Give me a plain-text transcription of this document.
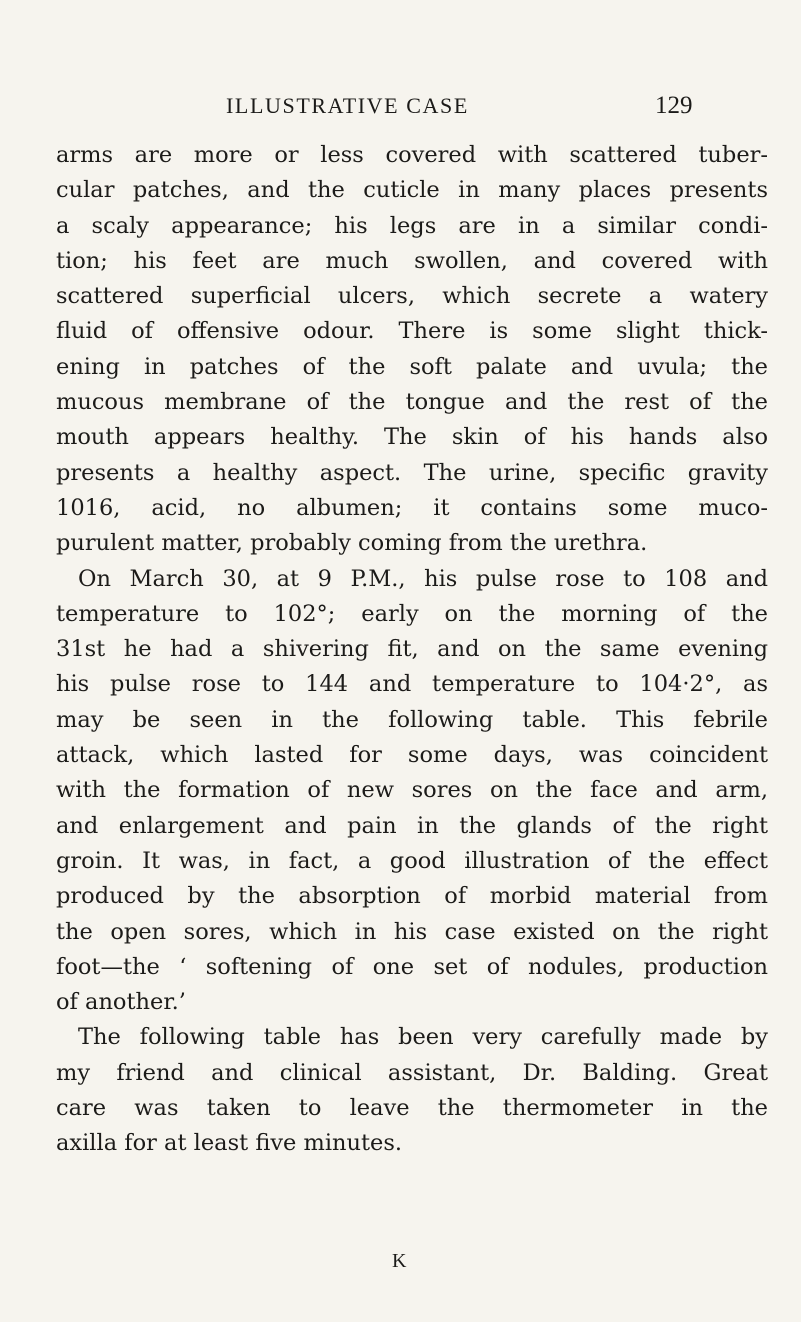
ILLUSTRATIVE CASE	129
arms are more or less covered with scattered tuber-
cular patches, and the cuticle in many places presents
a scaly appearance; his legs are in a similar condi-
tion; his feet are much swollen, and covered with
scattered superficial ulcers, which secrete a watery
fluid of offensive odour. There is some slight thick-
ening in patches of the soft palate and uvula; the
mucous membrane of the tongue and the rest of the
mouth appears healthy. The skin of his hands also
presents a healthy aspect. The urine, specific gravity
1016, acid, no albumen; it contains some muco-
purulent matter, probably coming from the urethra.
On March 30, at 9 P.M., his pulse rose to 108 and
temperature to 102°; early on the morning of the
31st he had a shivering fit, and on the same evening
his pulse rose to 144 and temperature to 104·2°, as
may be seen in the following table. This febrile
attack, which lasted for some days, was coincident
with the formation of new sores on the face and arm,
and enlargement and pain in the glands of the right
groin. It was, in fact, a good illustration of the effect
produced by the absorption of morbid material from
the open sores, which in his case existed on the right
foot—the ‘ softening of one set of nodules, production
of another.’
The following table has been very carefully made by
my friend and clinical assistant, Dr. Balding. Great
care was taken to leave the thermometer in the
axilla for at least five minutes.
K
